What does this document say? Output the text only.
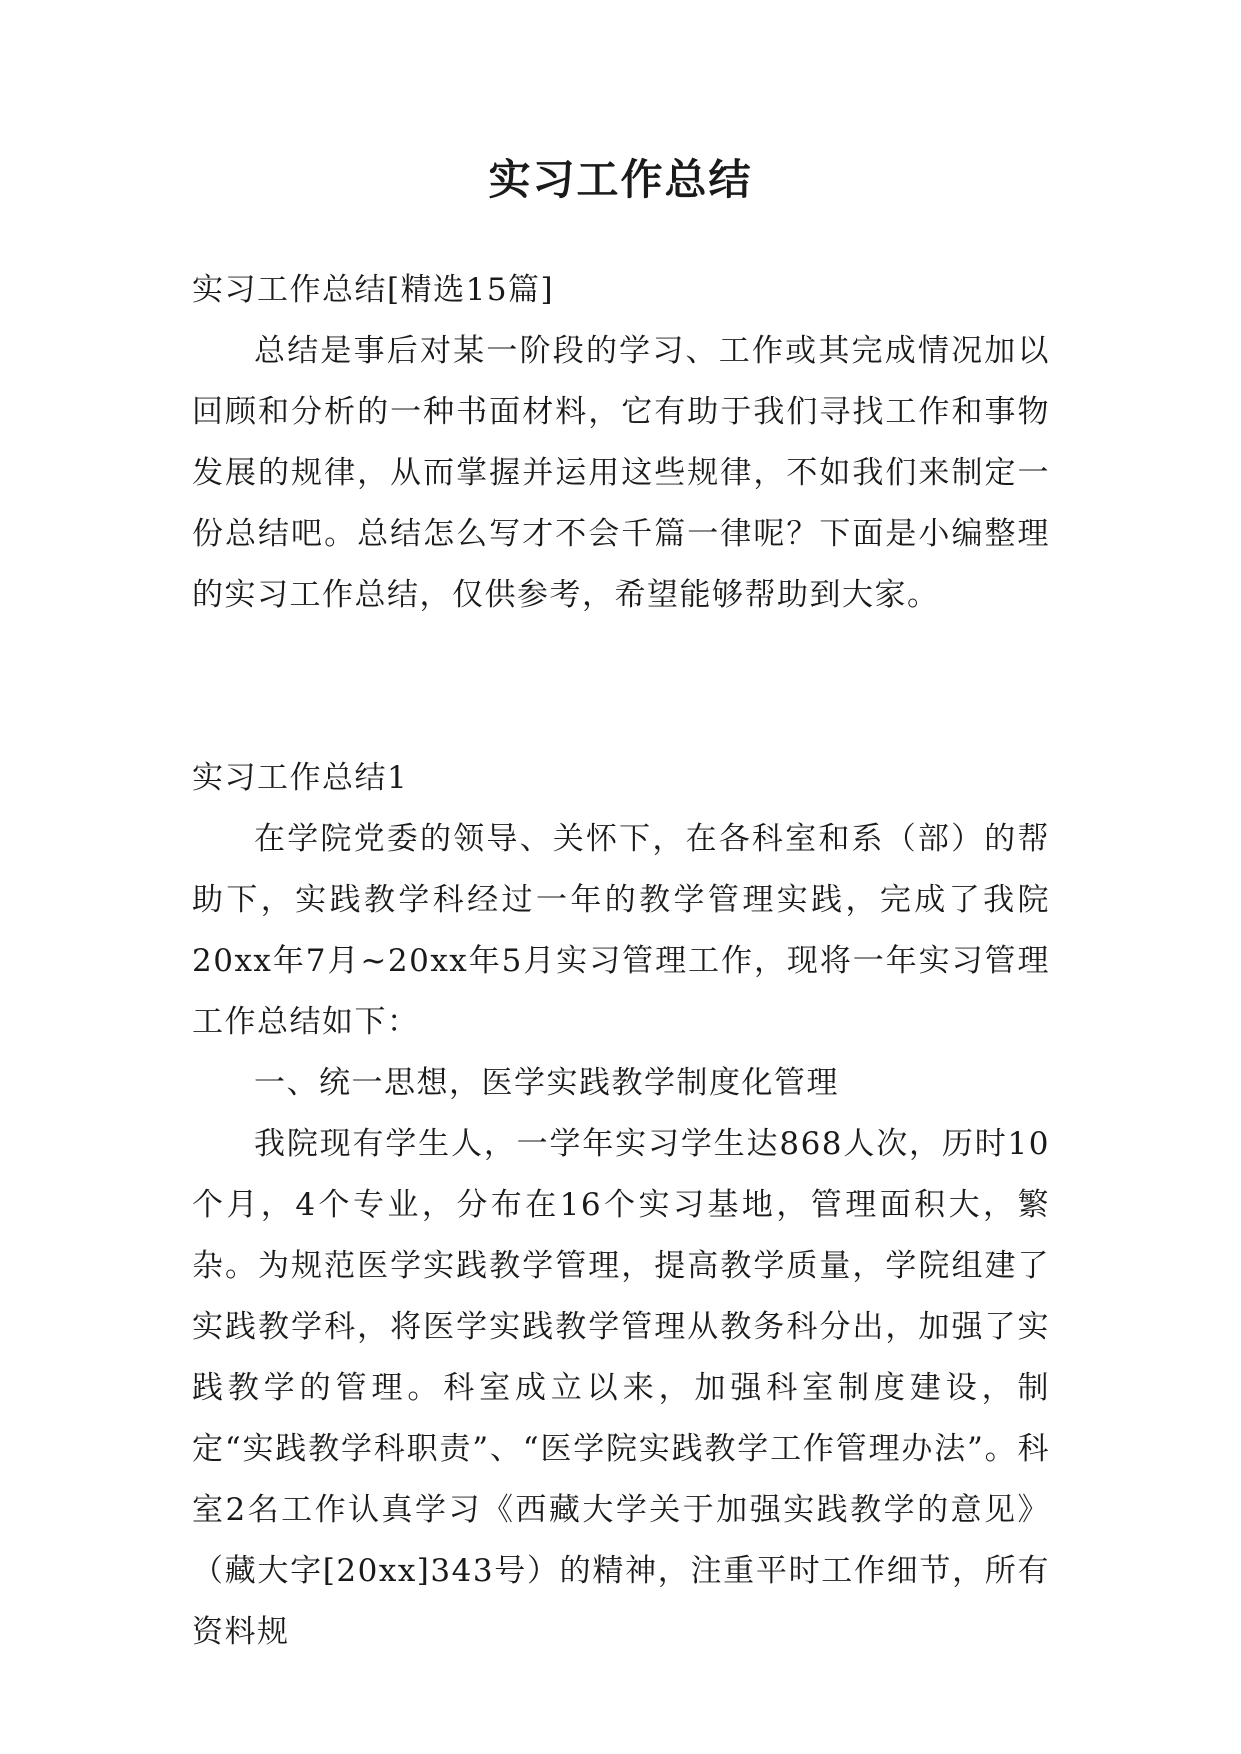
实习工作总结

实习工作总结[精选15篇]

总结是事后对某一阶段的学习、工作或其完成情况加以回顾和分析的一种书面材料，它有助于我们寻找工作和事物发展的规律，从而掌握并运用这些规律，不如我们来制定一份总结吧。总结怎么写才不会千篇一律呢？下面是小编整理的实习工作总结，仅供参考，希望能够帮助到大家。

实习工作总结1

在学院党委的领导、关怀下，在各科室和系（部）的帮助下，实践教学科经过一年的教学管理实践，完成了我院20xx年7月~20xx年5月实习管理工作，现将一年实习管理工作总结如下：

一、统一思想，医学实践教学制度化管理

我院现有学生人，一学年实习学生达868人次，历时10个月，4个专业，分布在16个实习基地，管理面积大，繁杂。为规范医学实践教学管理，提高教学质量，学院组建了实践教学科，将医学实践教学管理从教务科分出，加强了实践教学的管理。科室成立以来，加强科室制度建设，制定“实践教学科职责”、“医学院实践教学工作管理办法”。科室2名工作认真学习《西藏大学关于加强实践教学的意见》（藏大字[20xx]343号）的精神，注重平时工作细节，所有资料规
